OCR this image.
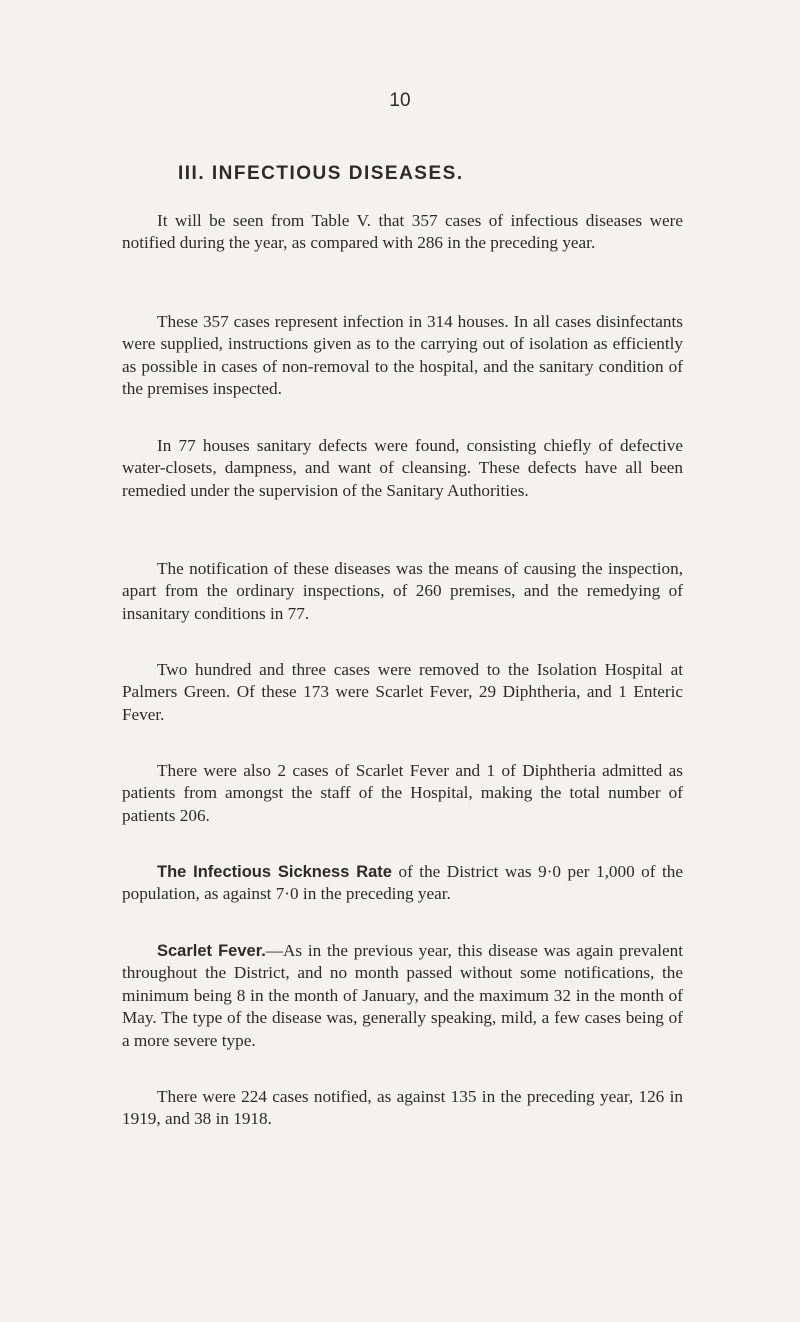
10
III. INFECTIOUS DISEASES.

It will be seen from Table V. that 357 cases of infectious diseases were notified during the year, as compared with 286 in the preceding year.

These 357 cases represent infection in 314 houses. In all cases disinfectants were supplied, instructions given as to the carrying out of isolation as efficiently as possible in cases of non-removal to the hospital, and the sanitary condition of the premises inspected.

In 77 houses sanitary defects were found, consisting chiefly of defective water-closets, dampness, and want of cleansing. These defects have all been remedied under the supervision of the Sanitary Authorities.

The notification of these diseases was the means of causing the inspection, apart from the ordinary inspections, of 260 premises, and the remedying of insanitary conditions in 77.

Two hundred and three cases were removed to the Isolation Hospital at Palmers Green. Of these 173 were Scarlet Fever, 29 Diphtheria, and 1 Enteric Fever.

There were also 2 cases of Scarlet Fever and 1 of Diphtheria admitted as patients from amongst the staff of the Hospital, making the total number of patients 206.

The Infectious Sickness Rate of the District was 9·0 per 1,000 of the population, as against 7·0 in the preceding year.

Scarlet Fever.—As in the previous year, this disease was again prevalent throughout the District, and no month passed without some notifications, the minimum being 8 in the month of January, and the maximum 32 in the month of May. The type of the disease was, generally speaking, mild, a few cases being of a more severe type.

There were 224 cases notified, as against 135 in the preceding year, 126 in 1919, and 38 in 1918.
